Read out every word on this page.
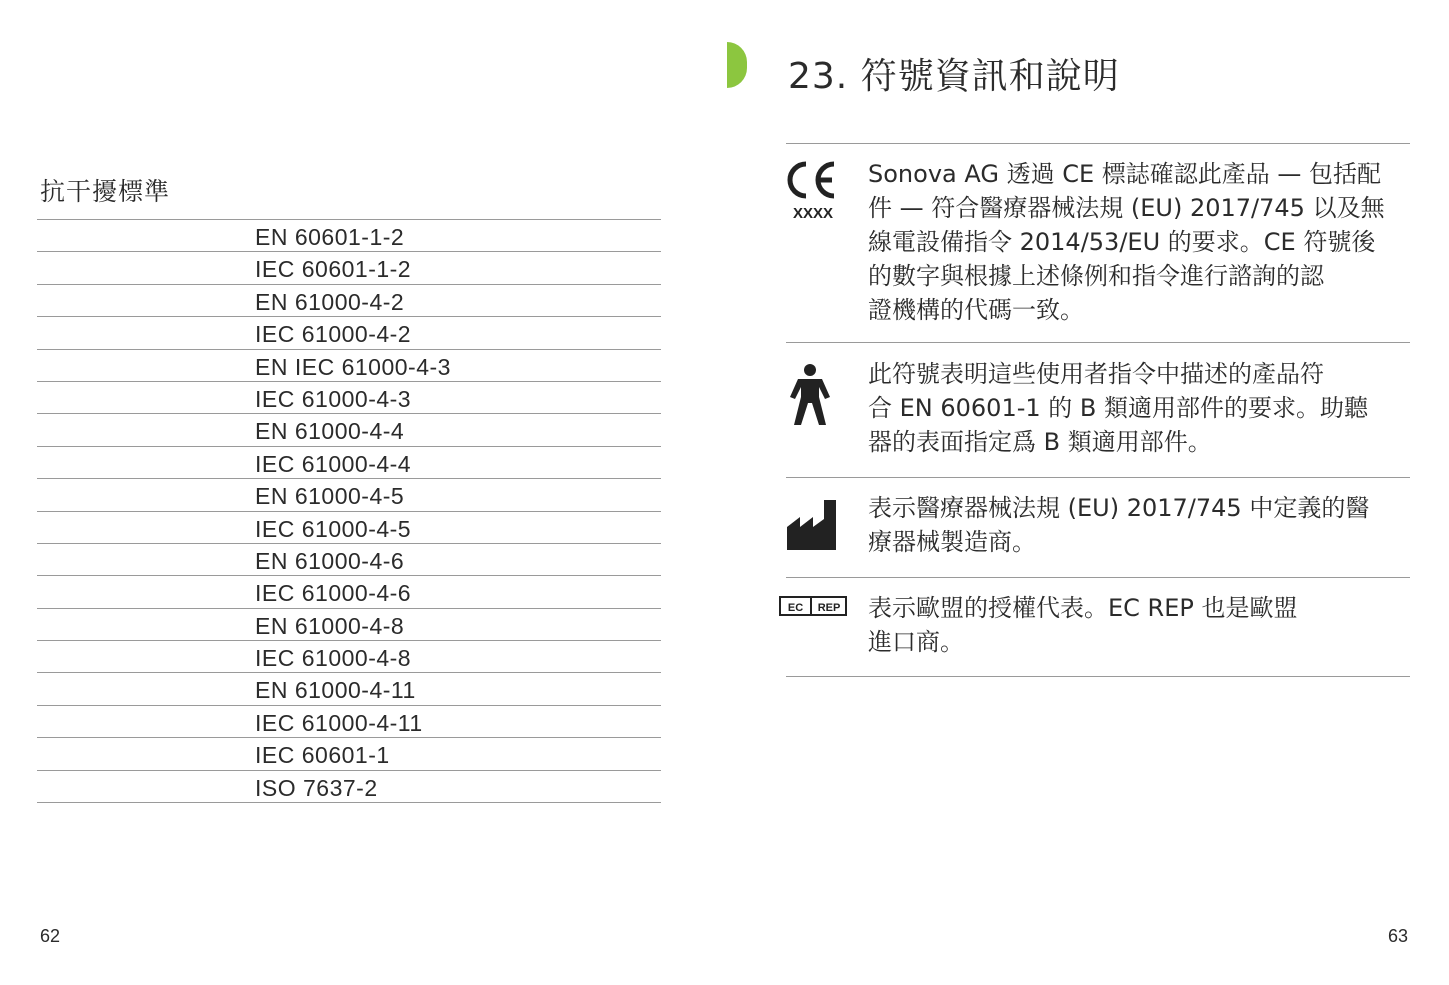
抗干擾標準
EN 60601-1-2
IEC 60601-1-2
EN 61000-4-2
IEC 61000-4-2
EN IEC 61000-4-3
IEC 61000-4-3
EN 61000-4-4
IEC 61000-4-4
EN 61000-4-5
IEC 61000-4-5
EN 61000-4-6
IEC 61000-4-6
EN 61000-4-8
IEC 61000-4-8
EN 61000-4-11
IEC 61000-4-11
IEC 60601-1
ISO 7637-2
62
23. 符號資訊和說明
XXXX

Sonova AG 透過 CE 標誌確認此產品 — 包括配
件 — 符合醫療器械法規 (EU) 2017/745 以及無
線電設備指令 2014/53/EU 的要求。CE 符號後
的數字與根據上述條例和指令進行諮詢的認
證機構的代碼一致。

此符號表明這些使用者指令中描述的產品符
合 EN 60601-1 的 B 類適用部件的要求。助聽
器的表面指定爲 B 類適用部件。

表示醫療器械法規 (EU) 2017/745 中定義的醫
療器械製造商。

EC REP 表示歐盟的授權代表。EC REP 也是歐盟
進口商。

63
